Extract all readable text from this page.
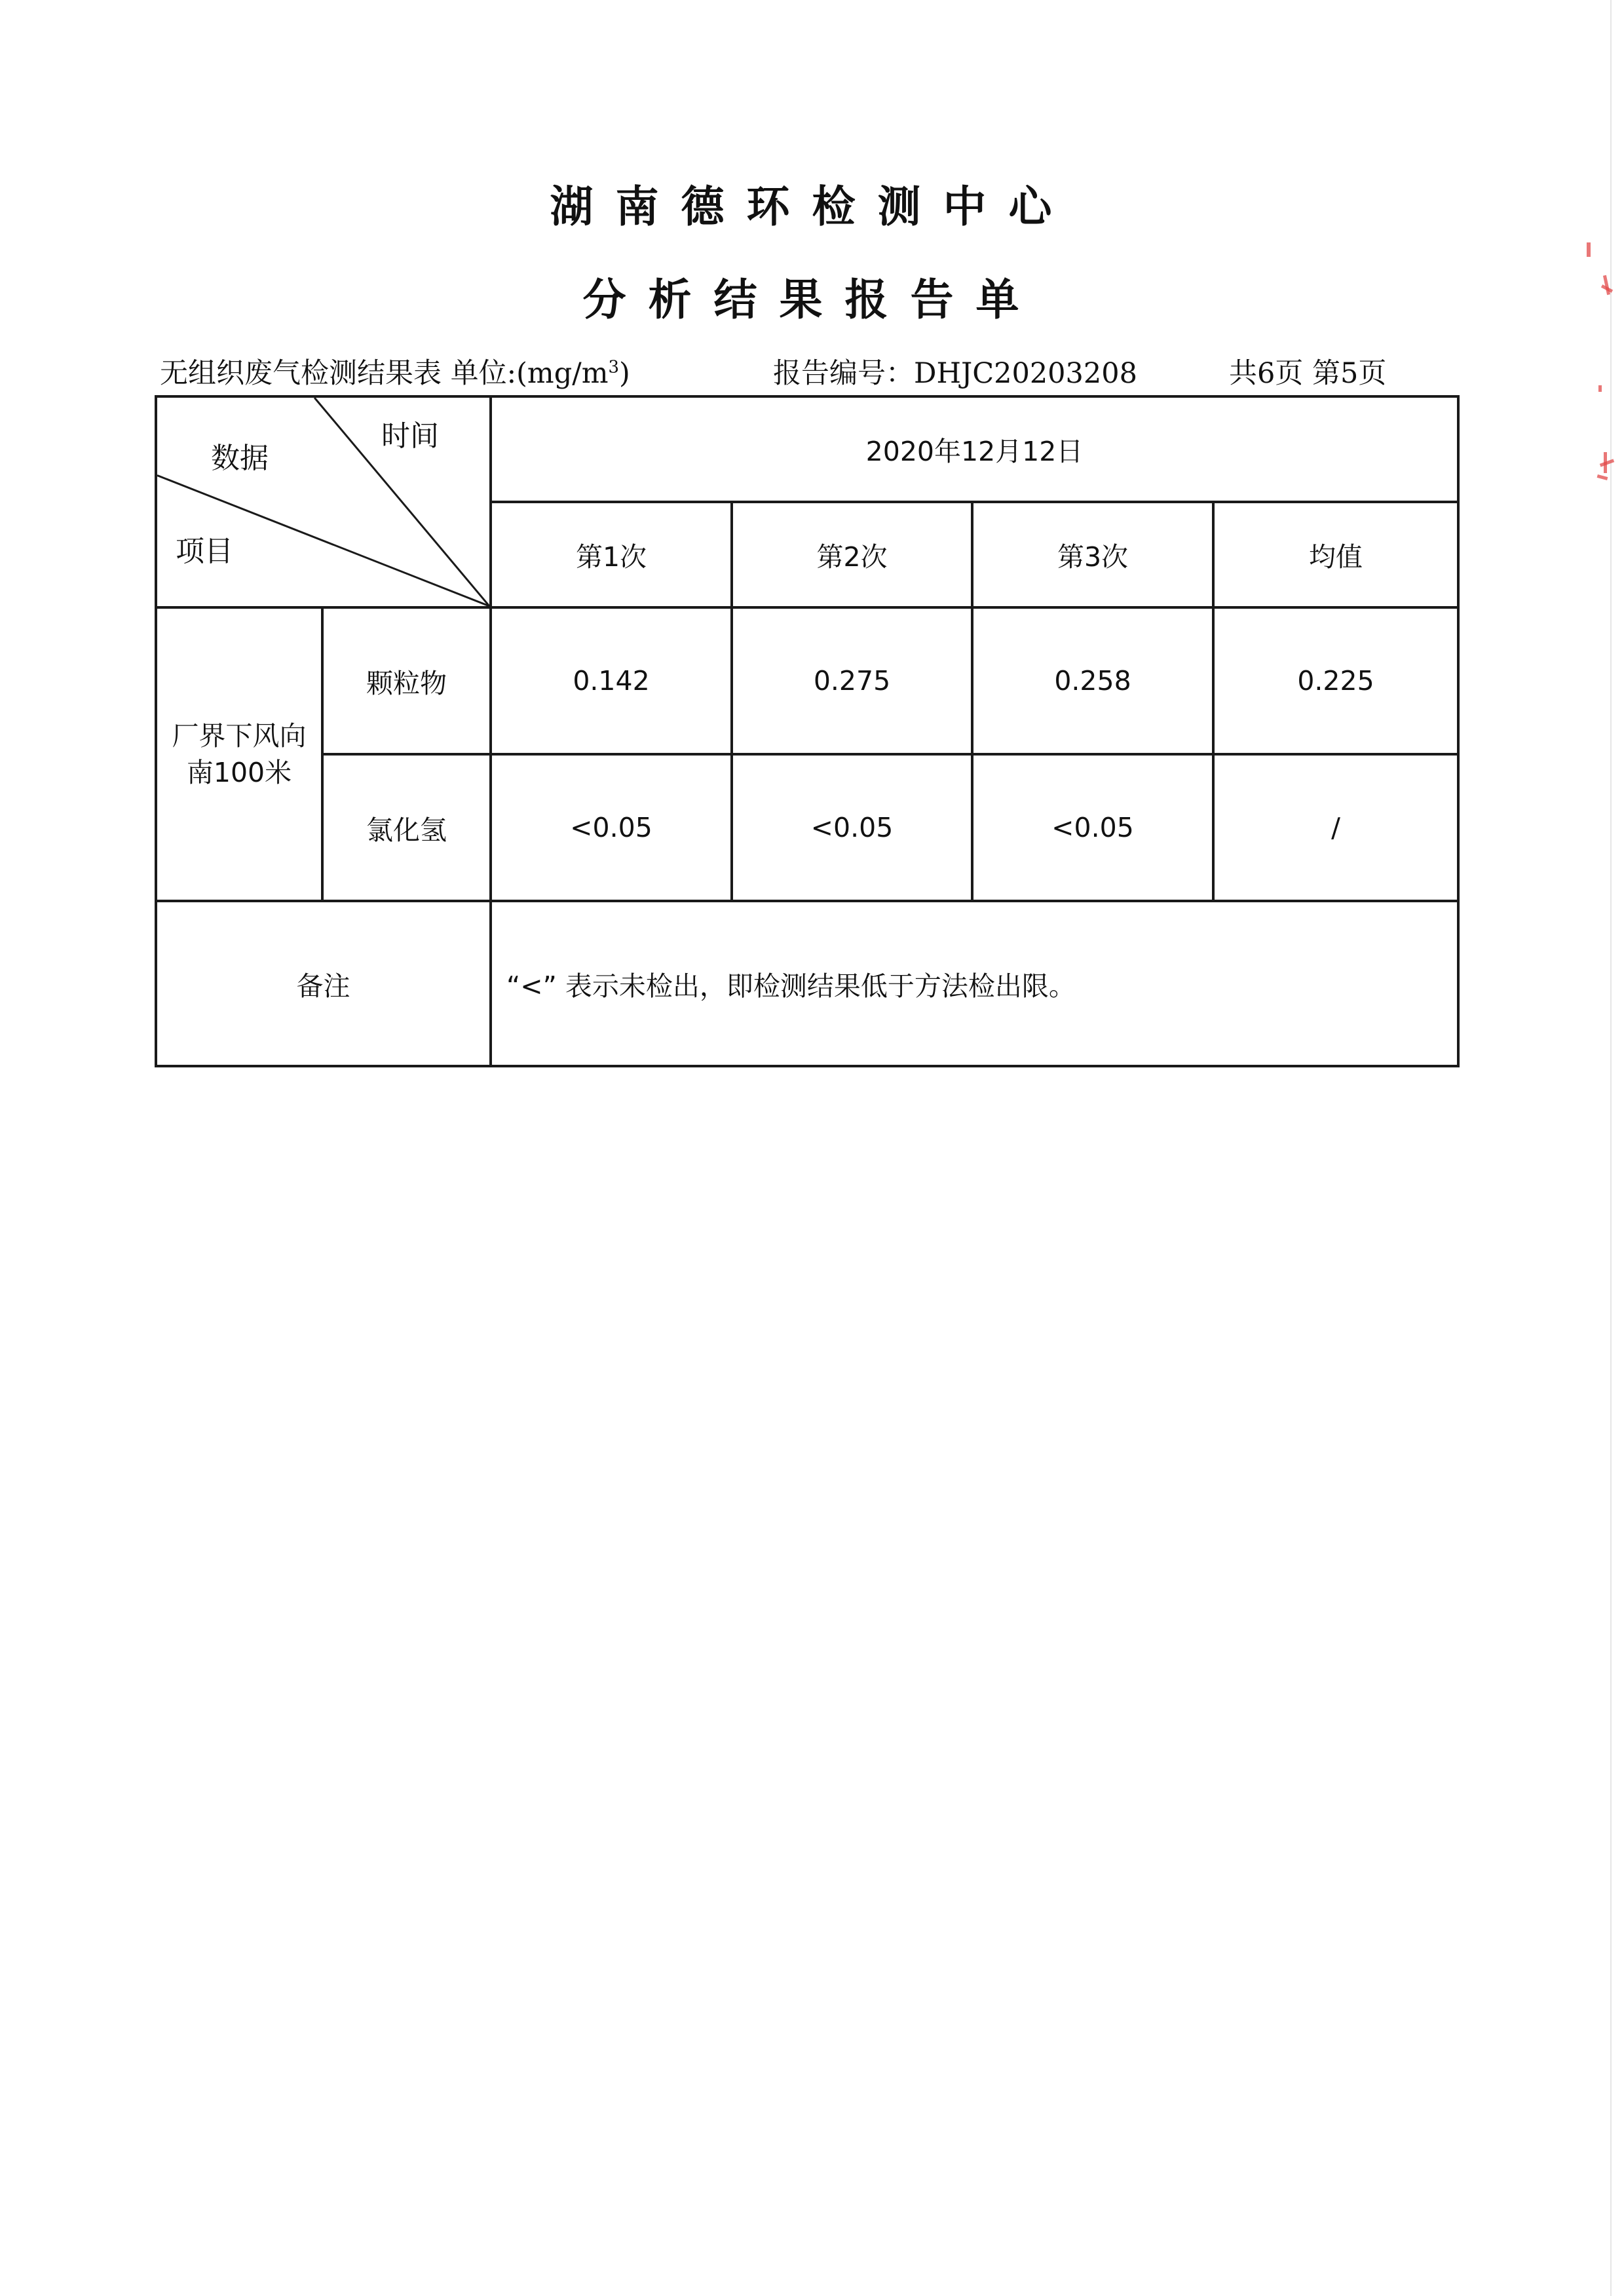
湖南德环检测中心
分析结果报告单
无组织废气检测结果表 单位$:(mg/m^3)$	报告编号：DHJC20203208	共6页 第5页
数据
时间
项目		2020年12月12日			
		第1次	第2次	第3次	均值
厂界下风向南100米	颗粒物	0.142	0.275	0.258	0.225
	氯化氢	<0.05	<0.05	<0.05	/
备注		“<” 表示未检出，即检测结果低于方法检出限。			
